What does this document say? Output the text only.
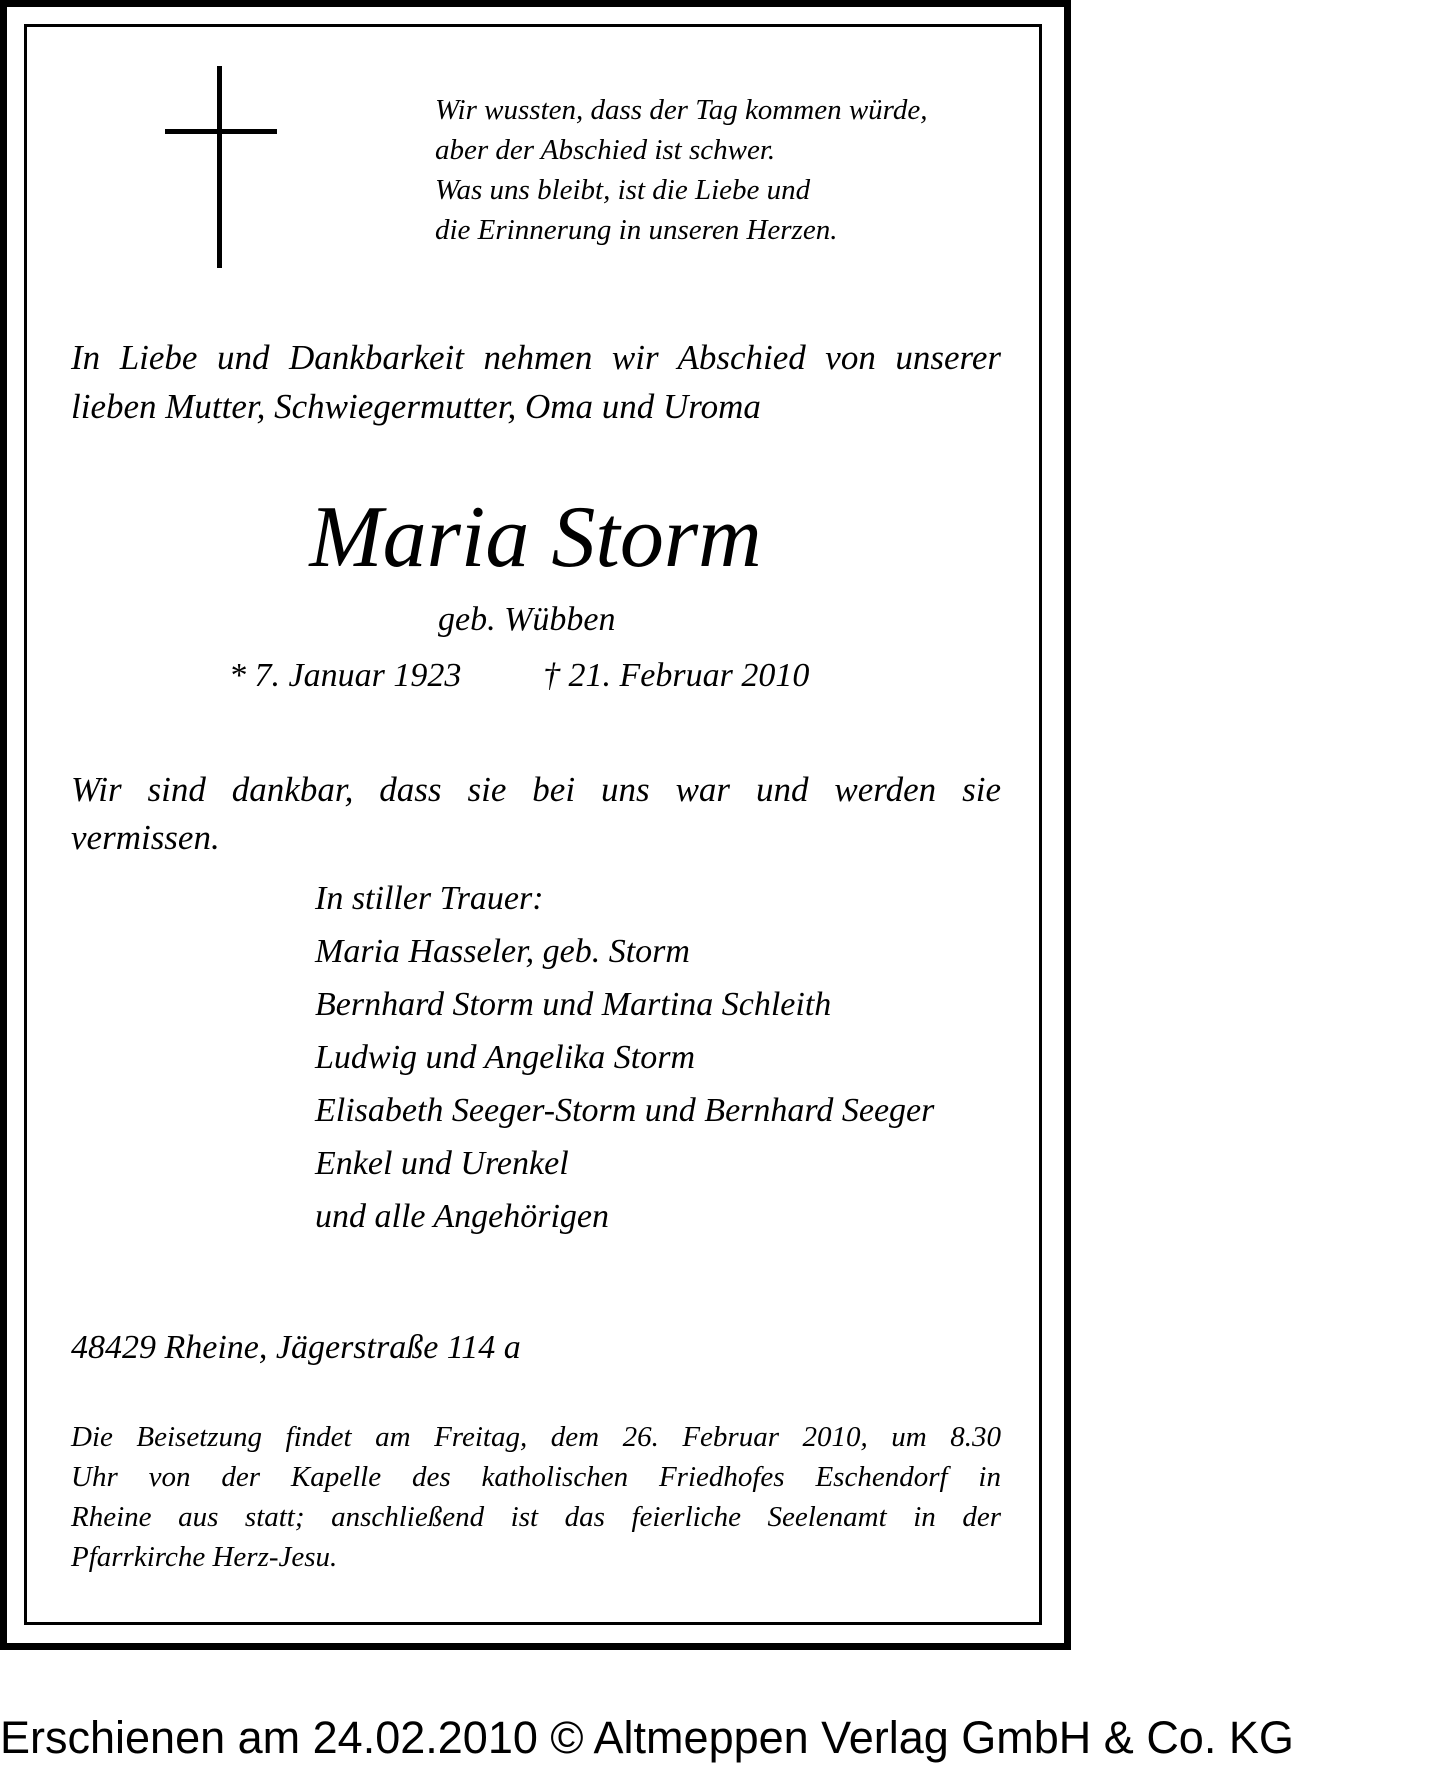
Wir wussten, dass der Tag kommen würde,
aber der Abschied ist schwer.
Was uns bleibt, ist die Liebe und
die Erinnerung in unseren Herzen.
In Liebe und Dankbarkeit nehmen wir Abschied von unserer
lieben Mutter, Schwiegermutter, Oma und Uroma
Maria Storm
geb. Wübben
* 7. Januar 1923 † 21. Februar 2010
Wir sind dankbar, dass sie bei uns war und werden sie
vermissen.
In stiller Trauer:
Maria Hasseler, geb. Storm
Bernhard Storm und Martina Schleith
Ludwig und Angelika Storm
Elisabeth Seeger-Storm und Bernhard Seeger
Enkel und Urenkel
und alle Angehörigen
48429 Rheine, Jägerstraße 114 a
Die Beisetzung findet am Freitag, dem 26. Februar 2010, um 8.30
Uhr von der Kapelle des katholischen Friedhofes Eschendorf in
Rheine aus statt; anschließend ist das feierliche Seelenamt in der
Pfarrkirche Herz-Jesu.
Erschienen am 24.02.2010 © Altmeppen Verlag GmbH & Co. KG
